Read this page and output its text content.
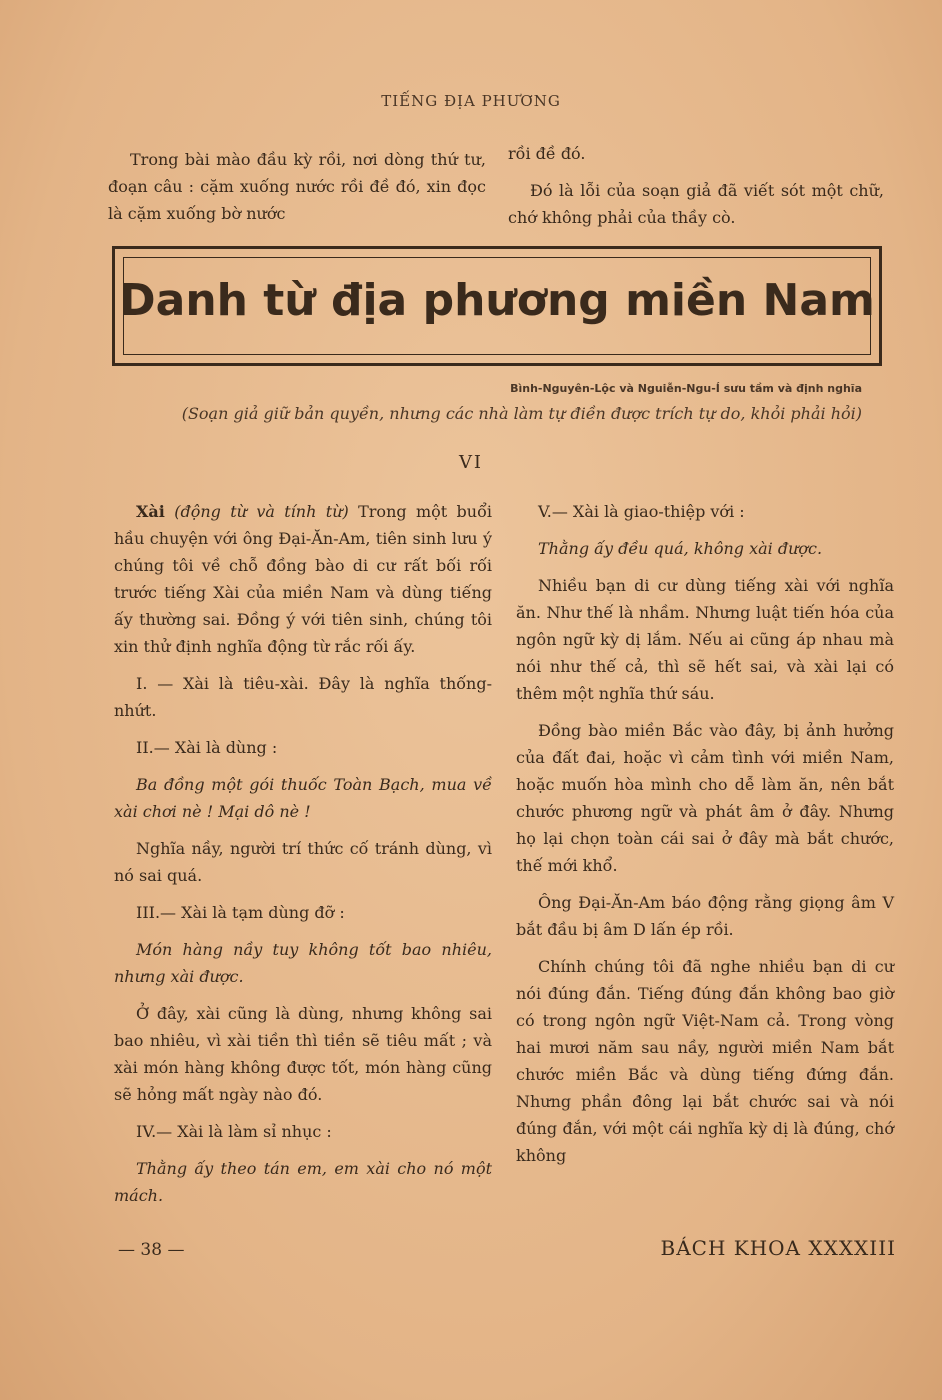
TIẾNG ĐỊA PHƯƠNG

Trong bài mào đầu kỳ rồi, nơi dòng thứ tư, đoạn câu : cặm xuống nước rồi đề đó, xin đọc là cặm xuống bờ nước

rồi đề đó.

Đó là lỗi của soạn giả đã viết sót một chữ, chớ không phải của thầy cò.

Danh từ địa phương miền Nam
Bình-Nguyên-Lộc và Nguiễn-Ngu-Í sưu tầm và định nghĩa
(Soạn giả giữ bản quyền, nhưng các nhà làm tự điền được trích tự do, khỏi phải hỏi)
VI

Xài (động từ và tính từ) Trong một buổi hầu chuyện với ông Đại-Ăn-Am, tiên sinh lưu ý chúng tôi về chỗ đồng bào di cư rất bối rối trước tiếng Xài của miền Nam và dùng tiếng ấy thường sai. Đồng ý với tiên sinh, chúng tôi xin thử định nghĩa động từ rắc rối ấy.

I. — Xài là tiêu-xài. Đây là nghĩa thống-nhứt.

II.— Xài là dùng :

Ba đồng một gói thuốc Toàn Bạch, mua về xài chơi nè ! Mại dô nè !

Nghĩa nầy, người trí thức cố tránh dùng, vì nó sai quá.

III.— Xài là tạm dùng đỡ :

Món hàng nầy tuy không tốt bao nhiêu, nhưng xài được.

Ở đây, xài cũng là dùng, nhưng không sai bao nhiêu, vì xài tiền thì tiền sẽ tiêu mất ; và xài món hàng không được tốt, món hàng cũng sẽ hỏng mất ngày nào đó.

IV.— Xài là làm sỉ nhục :

Thằng ấy theo tán em, em xài cho nó một mách.

V.— Xài là giao-thiệp với :

Thằng ấy đều quá, không xài được.

Nhiều bạn di cư dùng tiếng xài với nghĩa ăn. Như thế là nhầm. Nhưng luật tiến hóa của ngôn ngữ kỳ dị lắm. Nếu ai cũng áp nhau mà nói như thế cả, thì sẽ hết sai, và xài lại có thêm một nghĩa thứ sáu.

Đồng bào miền Bắc vào đây, bị ảnh hưởng của đất đai, hoặc vì cảm tình với miền Nam, hoặc muốn hòa mình cho dễ làm ăn, nên bắt chước phương ngữ và phát âm ở đây. Nhưng họ lại chọn toàn cái sai ở đây mà bắt chước, thế mới khổ.

Ông Đại-Ăn-Am báo động rằng giọng âm V bắt đầu bị âm D lấn ép rồi.

Chính chúng tôi đã nghe nhiều bạn di cư nói đúng đắn. Tiếng đúng đắn không bao giờ có trong ngôn ngữ Việt-Nam cả. Trong vòng hai mươi năm sau nầy, người miền Nam bắt chước miền Bắc và dùng tiếng đứng đắn. Nhưng phần đông lại bắt chước sai và nói đúng đắn, với một cái nghĩa kỳ dị là đúng, chớ không

— 38 —	BÁCH KHOA XXXXIII
